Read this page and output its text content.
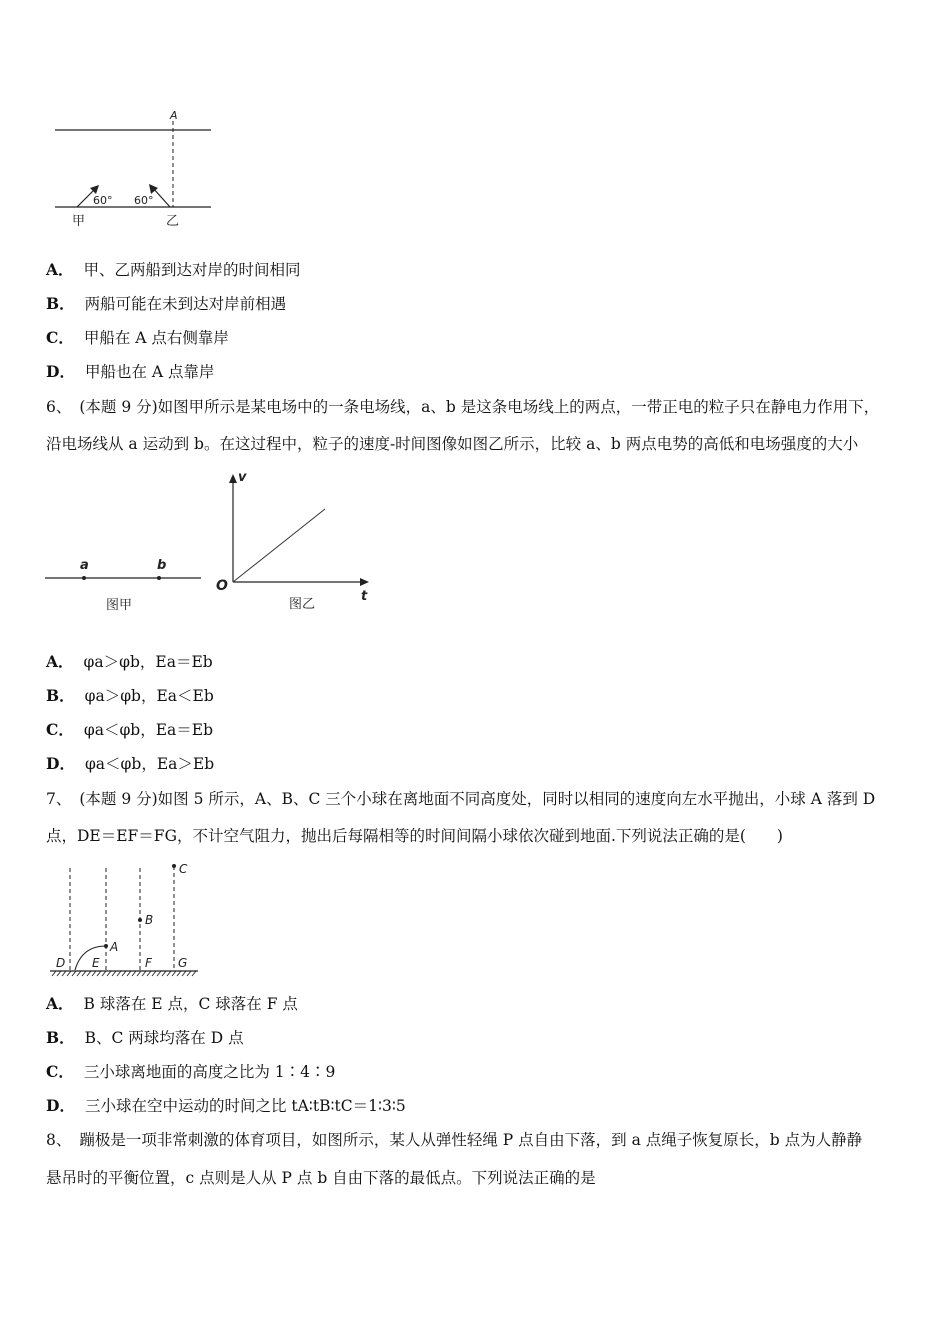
A
60° 60°
甲	乙
A． 甲、乙两船到达对岸的时间相同
B． 两船可能在未到达对岸前相遇
C． 甲船在 A 点右侧靠岸
D． 甲船也在 A 点靠岸
6、 (本题 9 分)如图甲所示是某电场中的一条电场线，a、b 是这条电场线上的两点，一带正电的粒子只在静电力作用下，
沿电场线从 a 运动到 b。在这过程中，粒子的速度-时间图像如图乙所示，比较 a、b 两点电势的高低和电场强度的大小
a	b
图甲
v
t
O
图乙
A． φa＞φb，Ea＝Eb
B． φa＞φb，Ea＜Eb
C． φa＜φb，Ea＝Eb
D． φa＜φb，Ea＞Eb
7、 (本题 9 分)如图 5 所示，A、B、C 三个小球在离地面不同高度处，同时以相同的速度向左水平抛出，小球 A 落到 D
点，DE＝EF＝FG，不计空气阻力，抛出后每隔相等的时间间隔小球依次碰到地面.下列说法正确的是(　　)
C
B
A
D E	F G
A． B 球落在 E 点，C 球落在 F 点
B． B、C 两球均落在 D 点
C． 三小球离地面的高度之比为 1∶4∶9
D． 三小球在空中运动的时间之比 tA∶tB∶tC＝1∶3∶5
8、 蹦极是一项非常刺激的体育项目，如图所示，某人从弹性轻绳 P 点自由下落，到 a 点绳子恢复原长，b 点为人静静
悬吊时的平衡位置，c 点则是人从 P 点 b 自由下落的最低点。下列说法正确的是
